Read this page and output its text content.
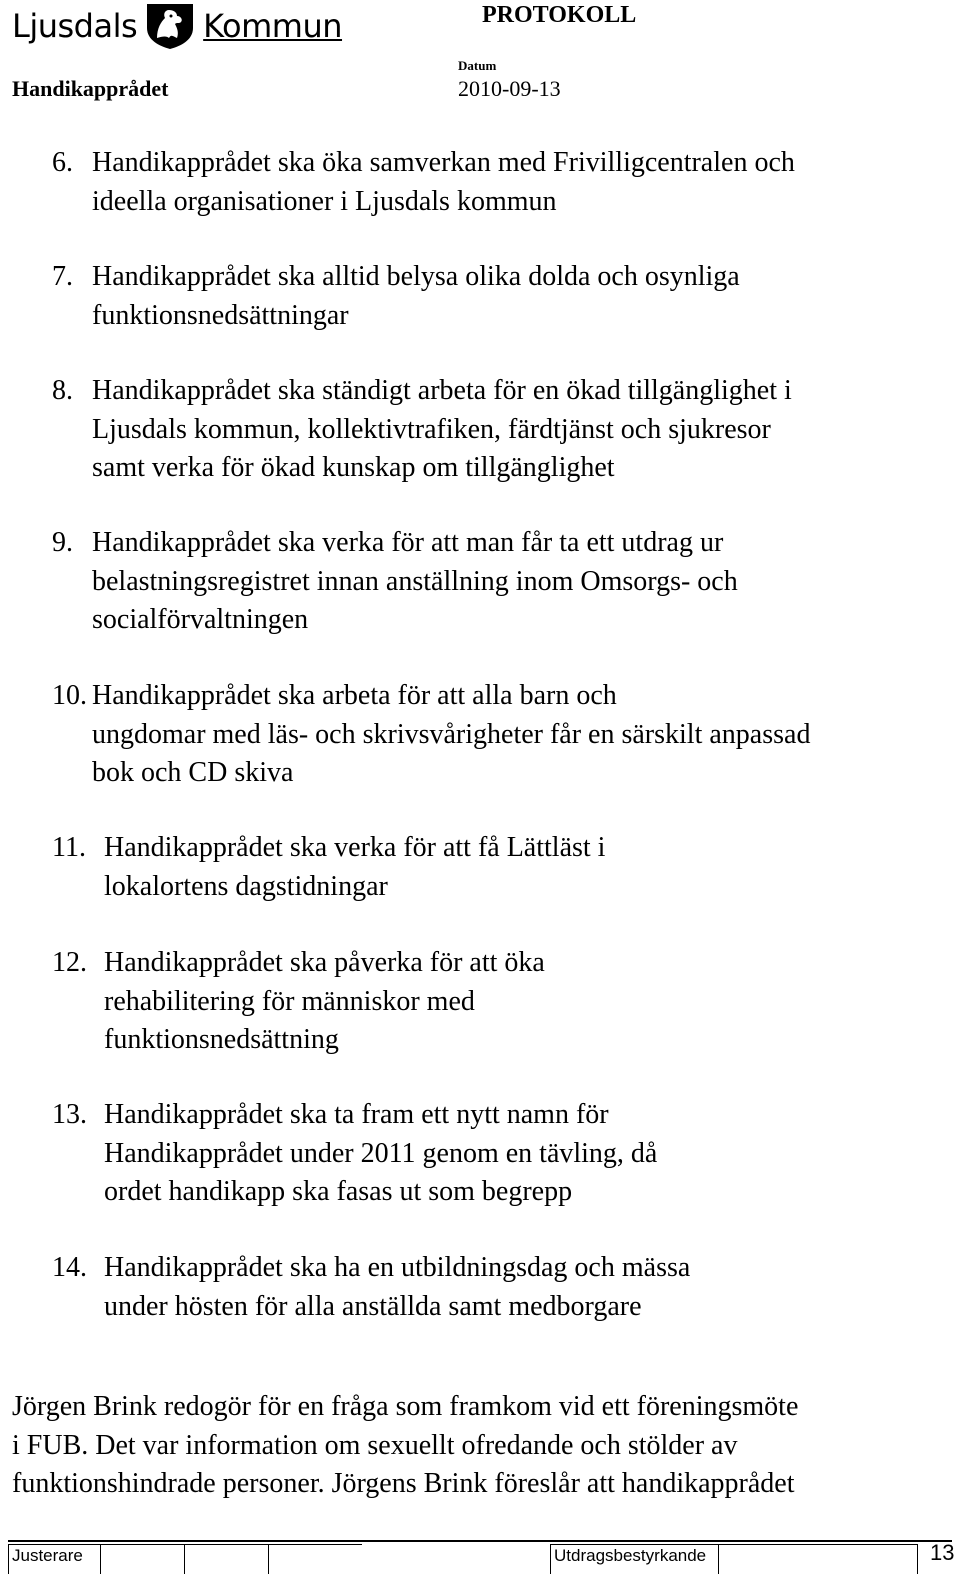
Ljusdals Kommun	PROTOKOLL
Datum
Handikapprådet	2010-09-13
6. Handikapprådet ska öka samverkan med Frivilligcentralen och
ideella organisationer i Ljusdals kommun
7. Handikapprådet ska alltid belysa olika dolda och osynliga
funktionsnedsättningar
8. Handikapprådet ska ständigt arbeta för en ökad tillgänglighet i
Ljusdals kommun, kollektivtrafiken, färdtjänst och sjukresor
samt verka för ökad kunskap om tillgänglighet
9. Handikapprådet ska verka för att man får ta ett utdrag ur
belastningsregistret innan anställning inom Omsorgs- och
socialförvaltningen
10. Handikapprådet ska arbeta för att alla barn och
ungdomar med läs- och skrivsvårigheter får en särskilt anpassad
bok och CD skiva
11. Handikapprådet ska verka för att få Lättläst i
lokalortens dagstidningar
12. Handikapprådet ska påverka för att öka
rehabilitering för människor med
funktionsnedsättning
13. Handikapprådet ska ta fram ett nytt namn för
Handikapprådet under 2011 genom en tävling, då
ordet handikapp ska fasas ut som begrepp
14. Handikapprådet ska ha en utbildningsdag och mässa
under hösten för alla anställda samt medborgare
Jörgen Brink redogör för en fråga som framkom vid ett föreningsmöte
i FUB. Det var information om sexuellt ofredande och stölder av
funktionshindrade personer. Jörgens Brink föreslår att handikapprådet
Justerare	Utdragsbestyrkande	13
